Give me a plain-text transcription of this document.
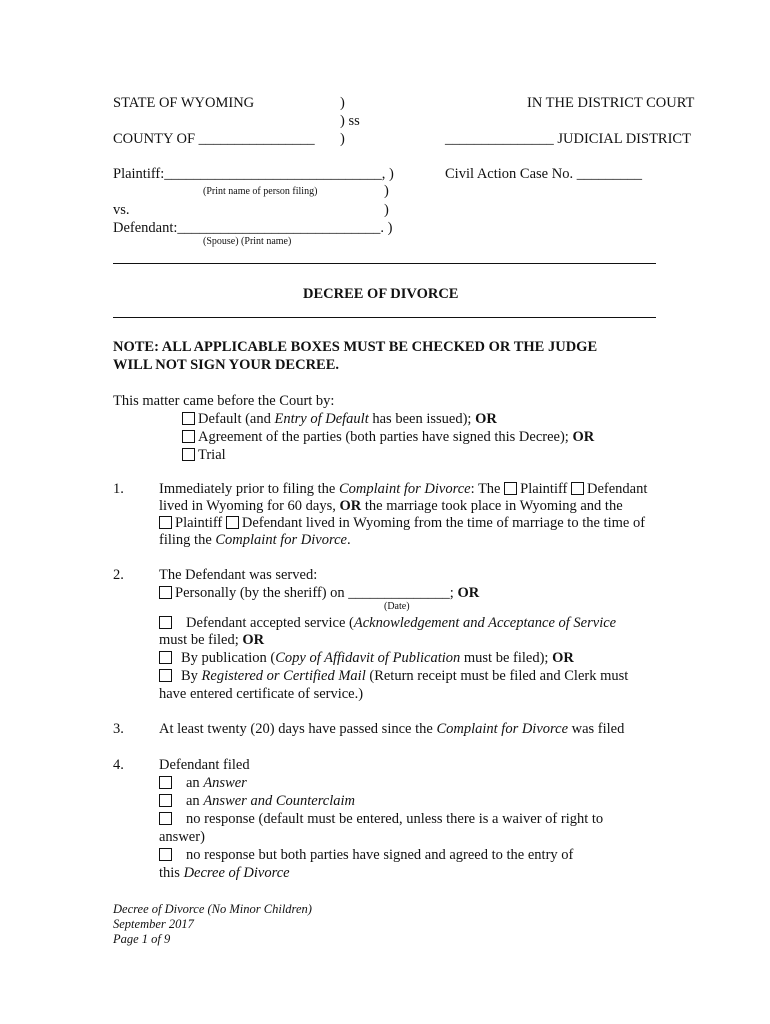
STATE OF WYOMING	)
) ss
)
IN THE DISTRICT COURT
COUNTY OF ________________	_______________ JUDICIAL DISTRICT
Plaintiff:______________________________, )	Civil Action Case No. _________
(Print name of person filing)	)
vs.	)
Defendant:____________________________. )
(Spouse) (Print name)
DECREE OF DIVORCE
NOTE: ALL APPLICABLE BOXES MUST BE CHECKED OR THE JUDGE
WILL NOT SIGN YOUR DECREE.
This matter came before the Court by:
Default (and Entry of Default has been issued); OR
Agreement of the parties (both parties have signed this Decree); OR
Trial
1. Immediately prior to filing the Complaint for Divorce: The Plaintiff Defendant
lived in Wyoming for 60 days, OR the marriage took place in Wyoming and the
Plaintiff Defendant lived in Wyoming from the time of marriage to the time of
filing the Complaint for Divorce.
2. The Defendant was served:
Personally (by the sheriff) on ______________; OR
(Date)
Defendant accepted service (Acknowledgement and Acceptance of Service
must be filed; OR
By publication (Copy of Affidavit of Publication must be filed); OR
By Registered or Certified Mail (Return receipt must be filed and Clerk must
have entered certificate of service.)
3. At least twenty (20) days have passed since the Complaint for Divorce was filed
4. Defendant filed
an Answer
an Answer and Counterclaim
no response (default must be entered, unless there is a waiver of right to
answer)
no response but both parties have signed and agreed to the entry of
this Decree of Divorce
Decree of Divorce (No Minor Children)
September 2017
Page 1 of 9
